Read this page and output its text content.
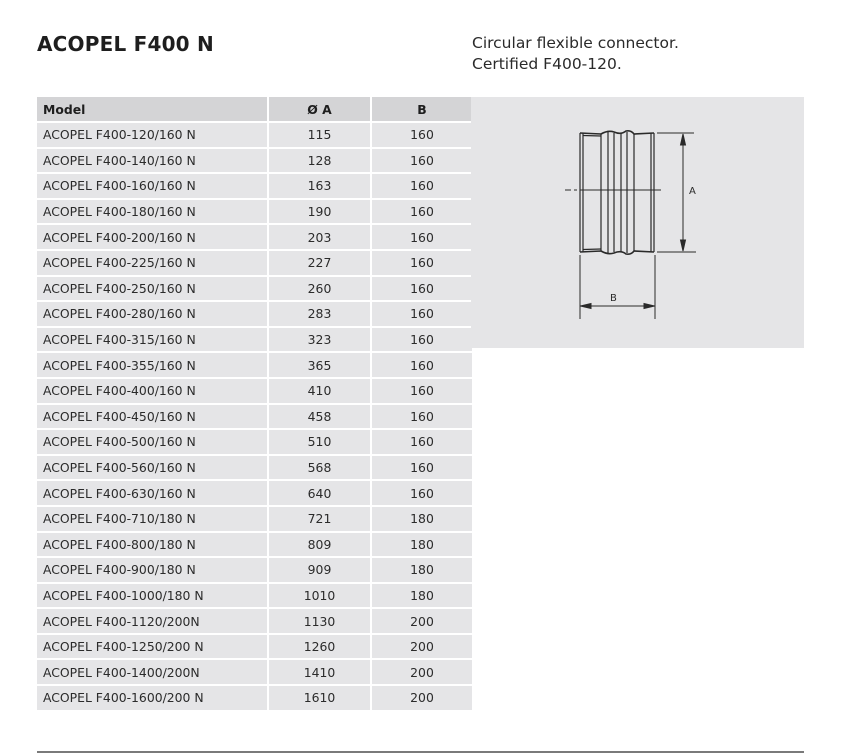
ACOPEL F400 N	Circular flexible connector.
Certified F400-120.
Model	Ø A	B
ACOPEL F400-120/160 N	115	160
ACOPEL F400-140/160 N	128	160
ACOPEL F400-160/160 N	163	160
ACOPEL F400-180/160 N	190	160
ACOPEL F400-200/160 N	203	160
ACOPEL F400-225/160 N	227	160
ACOPEL F400-250/160 N	260	160
ACOPEL F400-280/160 N	283	160
ACOPEL F400-315/160 N	323	160
ACOPEL F400-355/160 N	365	160
ACOPEL F400-400/160 N	410	160
ACOPEL F400-450/160 N	458	160
ACOPEL F400-500/160 N	510	160
ACOPEL F400-560/160 N	568	160
ACOPEL F400-630/160 N	640	160
ACOPEL F400-710/180 N	721	180
ACOPEL F400-800/180 N	809	180
ACOPEL F400-900/180 N	909	180
ACOPEL F400-1000/180 N	1010	180
ACOPEL F400-1120/200N	1130	200
ACOPEL F400-1250/200 N	1260	200
ACOPEL F400-1400/200N	1410	200
ACOPEL F400-1600/200 N	1610	200
A
B
